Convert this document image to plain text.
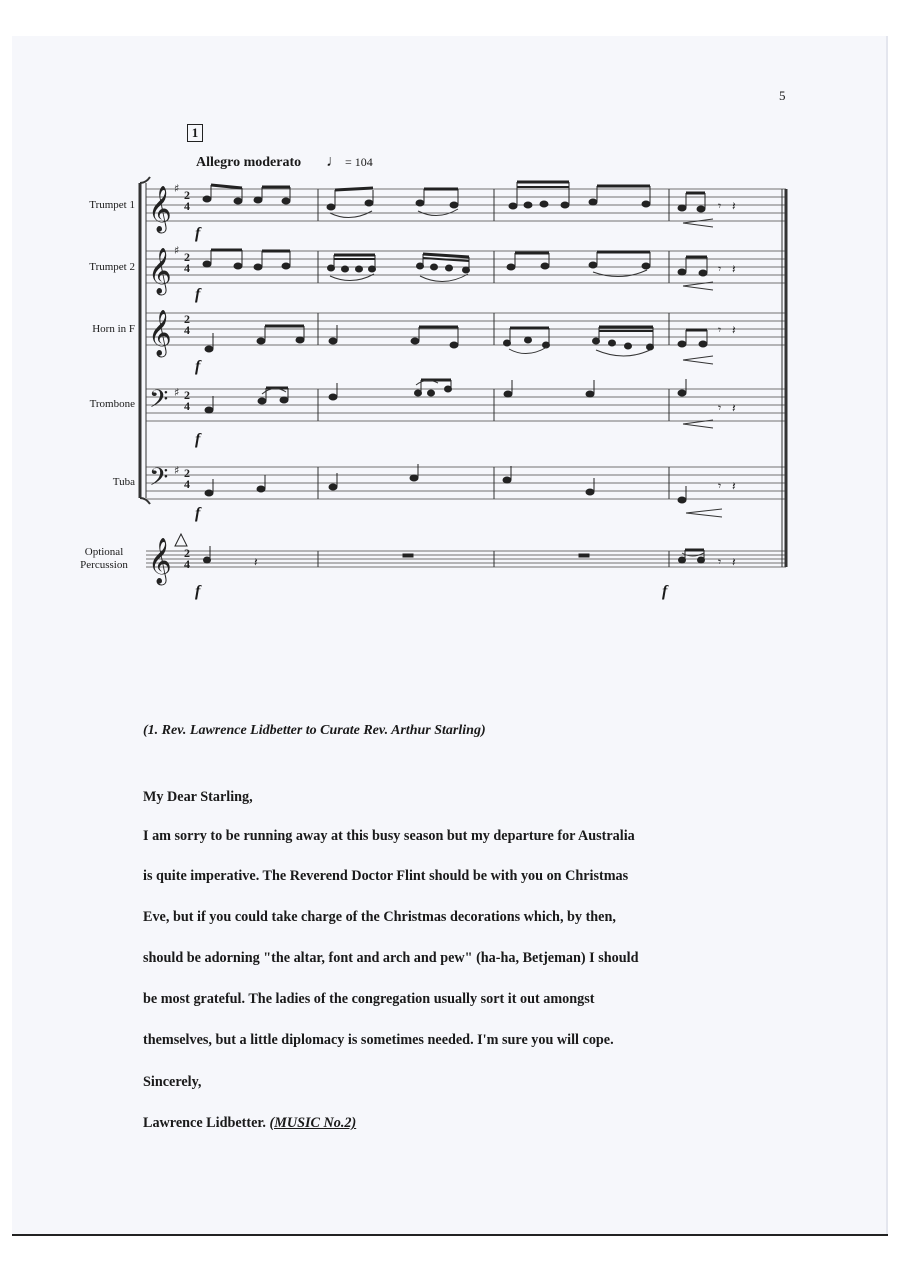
5
1
Allegro moderato ♩ = 104
Trumpet 1
Trumpet 2
Horn in F
Trombone
Tuba
Optional
Percussion
𝄞
𝄞
𝄞
𝄢
𝄢
𝄞
♯
♯
♯
♯
2
4
2
4
2
4
2
4
2
4
2
4
𝄾 𝄽
𝄾 𝄽
𝄾 𝄽
𝄾 𝄽
𝄾 𝄽
𝄾 𝄽
𝄽
f
f
f
f
f
f	f
(1. Rev. Lawrence Lidbetter to Curate Rev. Arthur Starling)
My Dear Starling,
I am sorry to be running away at this busy season but my departure for Australia
is quite imperative. The Reverend Doctor Flint should be with you on Christmas
Eve, but if you could take charge of the Christmas decorations which, by then,
should be adorning "the altar, font and arch and pew" (ha-ha, Betjeman) I should
be most grateful. The ladies of the congregation usually sort it out amongst
themselves, but a little diplomacy is sometimes needed. I'm sure you will cope.
Sincerely,
Lawrence Lidbetter. (MUSIC No.2)
